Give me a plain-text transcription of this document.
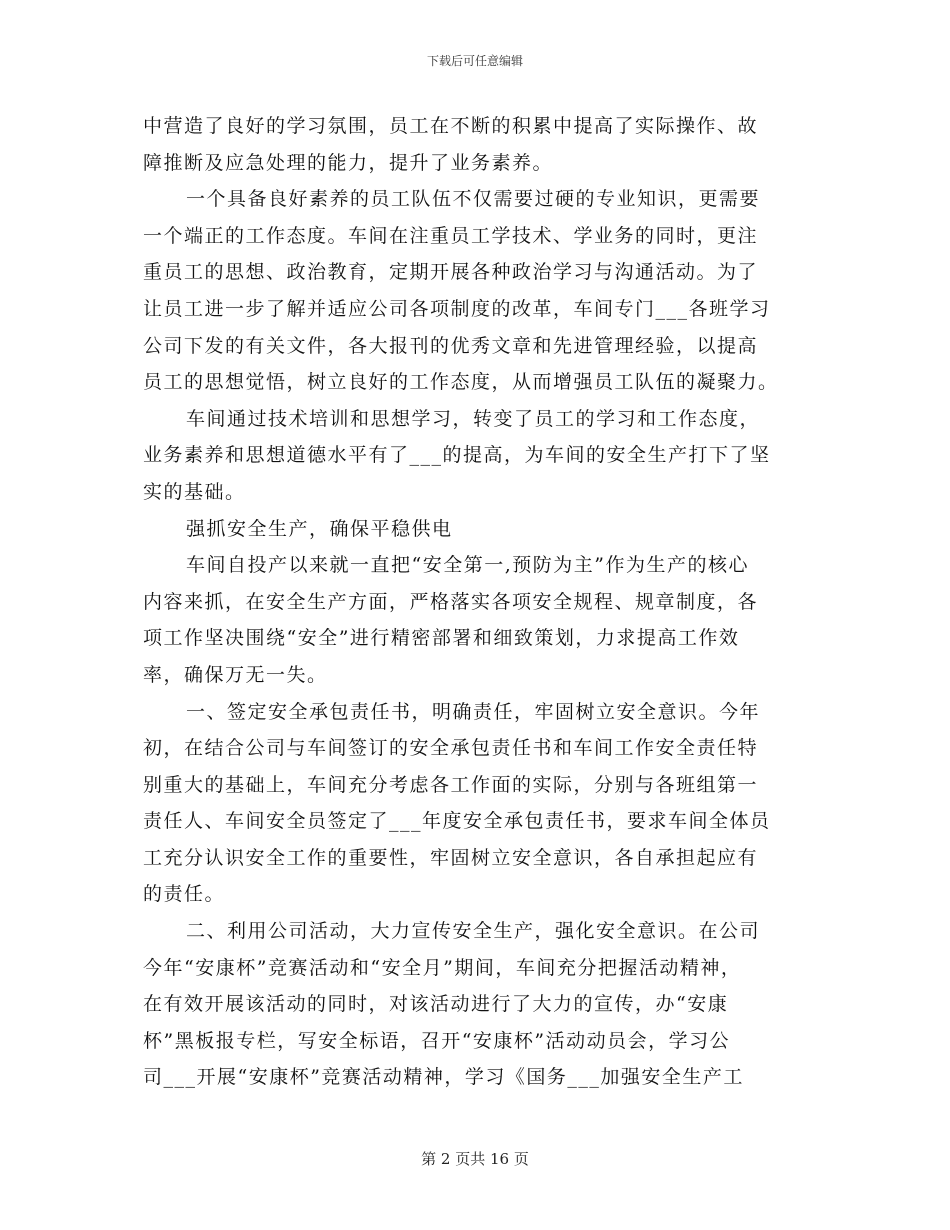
下载后可任意编辑
中营造了良好的学习氛围，员工在不断的积累中提高了实际操作、故
障推断及应急处理的能力，提升了业务素养。
一个具备良好素养的员工队伍不仅需要过硬的专业知识，更需要
一个端正的工作态度。车间在注重员工学技术、学业务的同时，更注
重员工的思想、政治教育，定期开展各种政治学习与沟通活动。为了
让员工进一步了解并适应公司各项制度的改革，车间专门___各班学习
公司下发的有关文件，各大报刊的优秀文章和先进管理经验，以提高
员工的思想觉悟，树立良好的工作态度，从而增强员工队伍的凝聚力。
车间通过技术培训和思想学习，转变了员工的学习和工作态度，
业务素养和思想道德水平有了___的提高，为车间的安全生产打下了坚
实的基础。
强抓安全生产，确保平稳供电
车间自投产以来就一直把“安全第一,预防为主”作为生产的核心
内容来抓，在安全生产方面，严格落实各项安全规程、规章制度，各
项工作坚决围绕“安全”进行精密部署和细致策划，力求提高工作效
率，确保万无一失。
一、签定安全承包责任书，明确责任，牢固树立安全意识。今年
初，在结合公司与车间签订的安全承包责任书和车间工作安全责任特
别重大的基础上，车间充分考虑各工作面的实际，分别与各班组第一
责任人、车间安全员签定了___年度安全承包责任书，要求车间全体员
工充分认识安全工作的重要性，牢固树立安全意识，各自承担起应有
的责任。
二、利用公司活动，大力宣传安全生产，强化安全意识。在公司
今年“安康杯”竞赛活动和“安全月”期间，车间充分把握活动精神，
在有效开展该活动的同时，对该活动进行了大力的宣传，办“安康
杯”黑板报专栏，写安全标语，召开“安康杯”活动动员会，学习公
司___开展“安康杯”竞赛活动精神，学习《国务___加强安全生产工
第 2 页共 16 页
